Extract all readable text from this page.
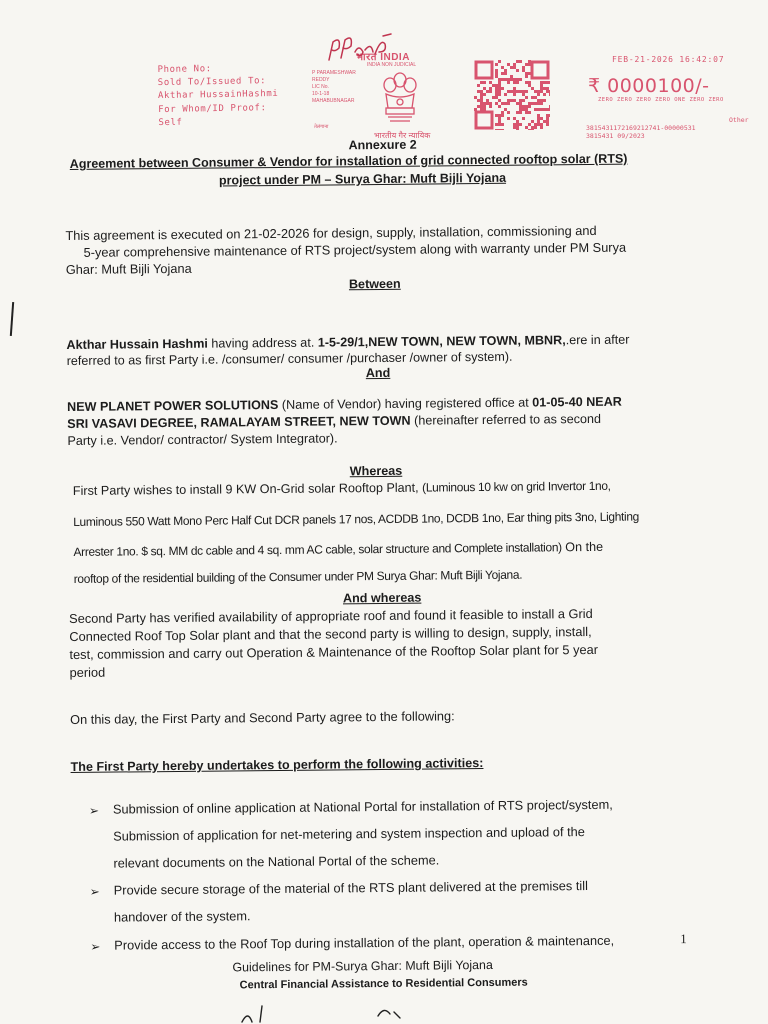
Phone No:
Sold To/Issued To:
Akthar HussainHashmi
For Whom/ID Proof:
Self
भारत INDIA
INDIA NON JUDICIAL
P PARAMESHWAR REDDY
LIC No.
10-1-18
MAHABUBNAGAR
तेलंगाना
भारतीय गैर न्यायिक
FEB-21-2026 16:42:07
₹ 0000100/-
ZERO ZERO ZERO ZERO ONE ZERO ZERO
Other
3815431172169212741-00000531
3815431 09/2023
Annexure 2
Agreement between Consumer & Vendor for installation of grid connected rooftop solar (RTS)
project under PM – Surya Ghar: Muft Bijli Yojana
This agreement is executed on 21-02-2026 for design, supply, installation, commissioning and
5-year comprehensive maintenance of RTS project/system along with warranty under PM Surya
Ghar: Muft Bijli Yojana
Between
Akthar Hussain Hashmi having address at. 1-5-29/1,NEW TOWN, NEW TOWN, MBNR,.ere in after
referred to as first Party i.e. /consumer/ consumer /purchaser /owner of system).
And
NEW PLANET POWER SOLUTIONS (Name of Vendor) having registered office at 01-05-40 NEAR
SRI VASAVI DEGREE, RAMALAYAM STREET, NEW TOWN (hereinafter referred to as second
Party i.e. Vendor/ contractor/ System Integrator).
Whereas
First Party wishes to install 9 KW On-Grid solar Rooftop Plant, (Luminous 10 kw on grid Invertor 1no,
Luminous 550 Watt Mono Perc Half Cut DCR panels 17 nos, ACDDB 1no, DCDB 1no, Ear thing pits 3no, Lighting
Arrester 1no. $ sq. MM dc cable and 4 sq. mm AC cable, solar structure and Complete installation) On the
rooftop of the residential building of the Consumer under PM Surya Ghar: Muft Bijli Yojana.
And whereas
Second Party has verified availability of appropriate roof and found it feasible to install a Grid
Connected Roof Top Solar plant and that the second party is willing to design, supply, install,
test, commission and carry out Operation & Maintenance of the Rooftop Solar plant for 5 year
period
On this day, the First Party and Second Party agree to the following:
The First Party hereby undertakes to perform the following activities:
➢ Submission of online application at National Portal for installation of RTS project/system,
Submission of application for net-metering and system inspection and upload of the
relevant documents on the National Portal of the scheme.
➢ Provide secure storage of the material of the RTS plant delivered at the premises till
handover of the system.
➢ Provide access to the Roof Top during installation of the plant, operation & maintenance,	1
Guidelines for PM-Surya Ghar: Muft Bijli Yojana
Central Financial Assistance to Residential Consumers
